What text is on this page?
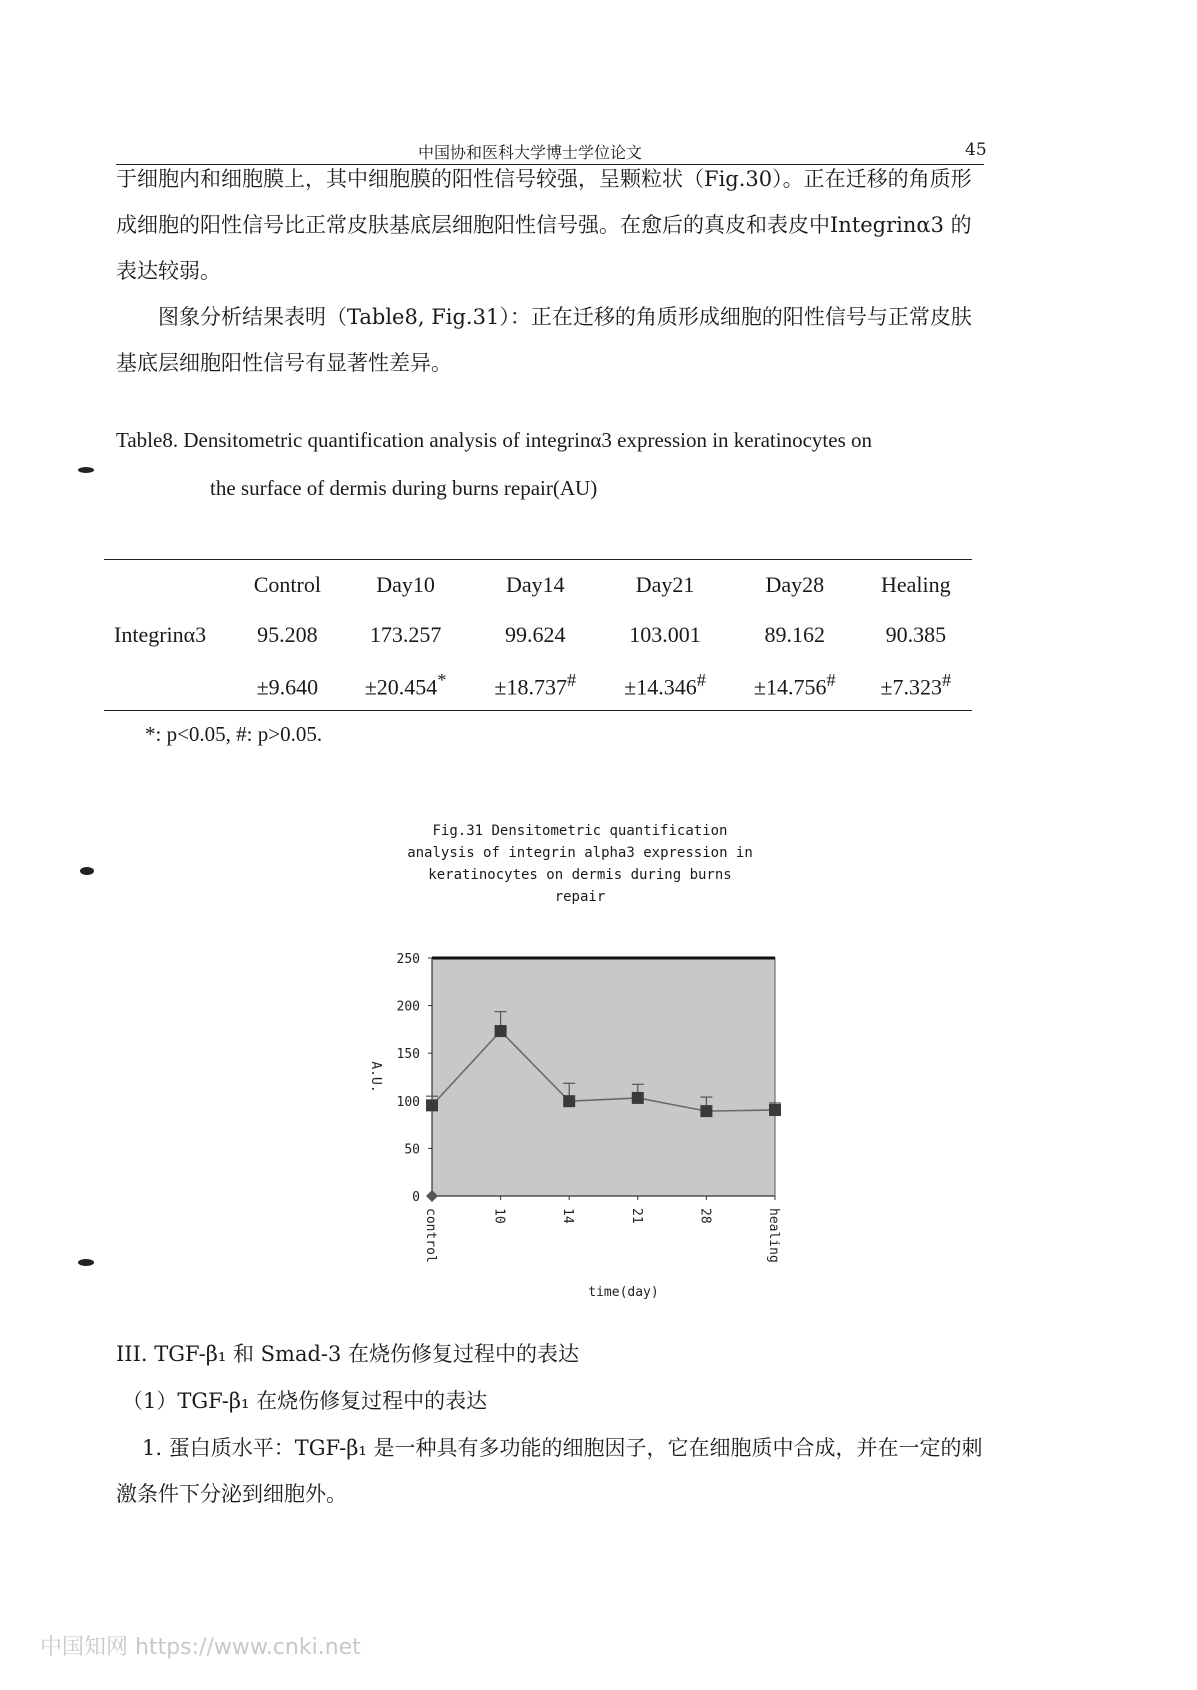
中国协和医科大学博士学位论文	45

于细胞内和细胞膜上，其中细胞膜的阳性信号较强，呈颗粒状（Fig.30）。正在迁移的角质形成细胞的阳性信号比正常皮肤基底层细胞阳性信号强。在愈后的真皮和表皮中Integrinα3 的表达较弱。

图象分析结果表明（Table8, Fig.31）：正在迁移的角质形成细胞的阳性信号与正常皮肤基底层细胞阳性信号有显著性差异。

Table8. Densitometric quantification analysis of integrinα3 expression in keratinocytes on
the surface of dermis during burns repair(AU)
	Control	Day10	Day14	Day21	Day28	Healing
Integrinα3	95.208	173.257	99.624	103.001	89.162	90.385
	±9.640	±20.454*	±18.737#	±14.346#	±14.756#	±7.323#
*: p<0.05, #: p>0.05.
Fig.31 Densitometric quantification
analysis of integrin alpha3 expression in
keratinocytes on dermis during burns
repair
250
200
150
100
50
0
control	10	14	21	28	healing
A.U.
time(day)
III. TGF-β₁ 和 Smad-3 在烧伤修复过程中的表达
（1）TGF-β₁ 在烧伤修复过程中的表达

1. 蛋白质水平：TGF-β₁ 是一种具有多功能的细胞因子，它在细胞质中合成，并在一定的刺激条件下分泌到细胞外。

中国知网 https://www.cnki.net
